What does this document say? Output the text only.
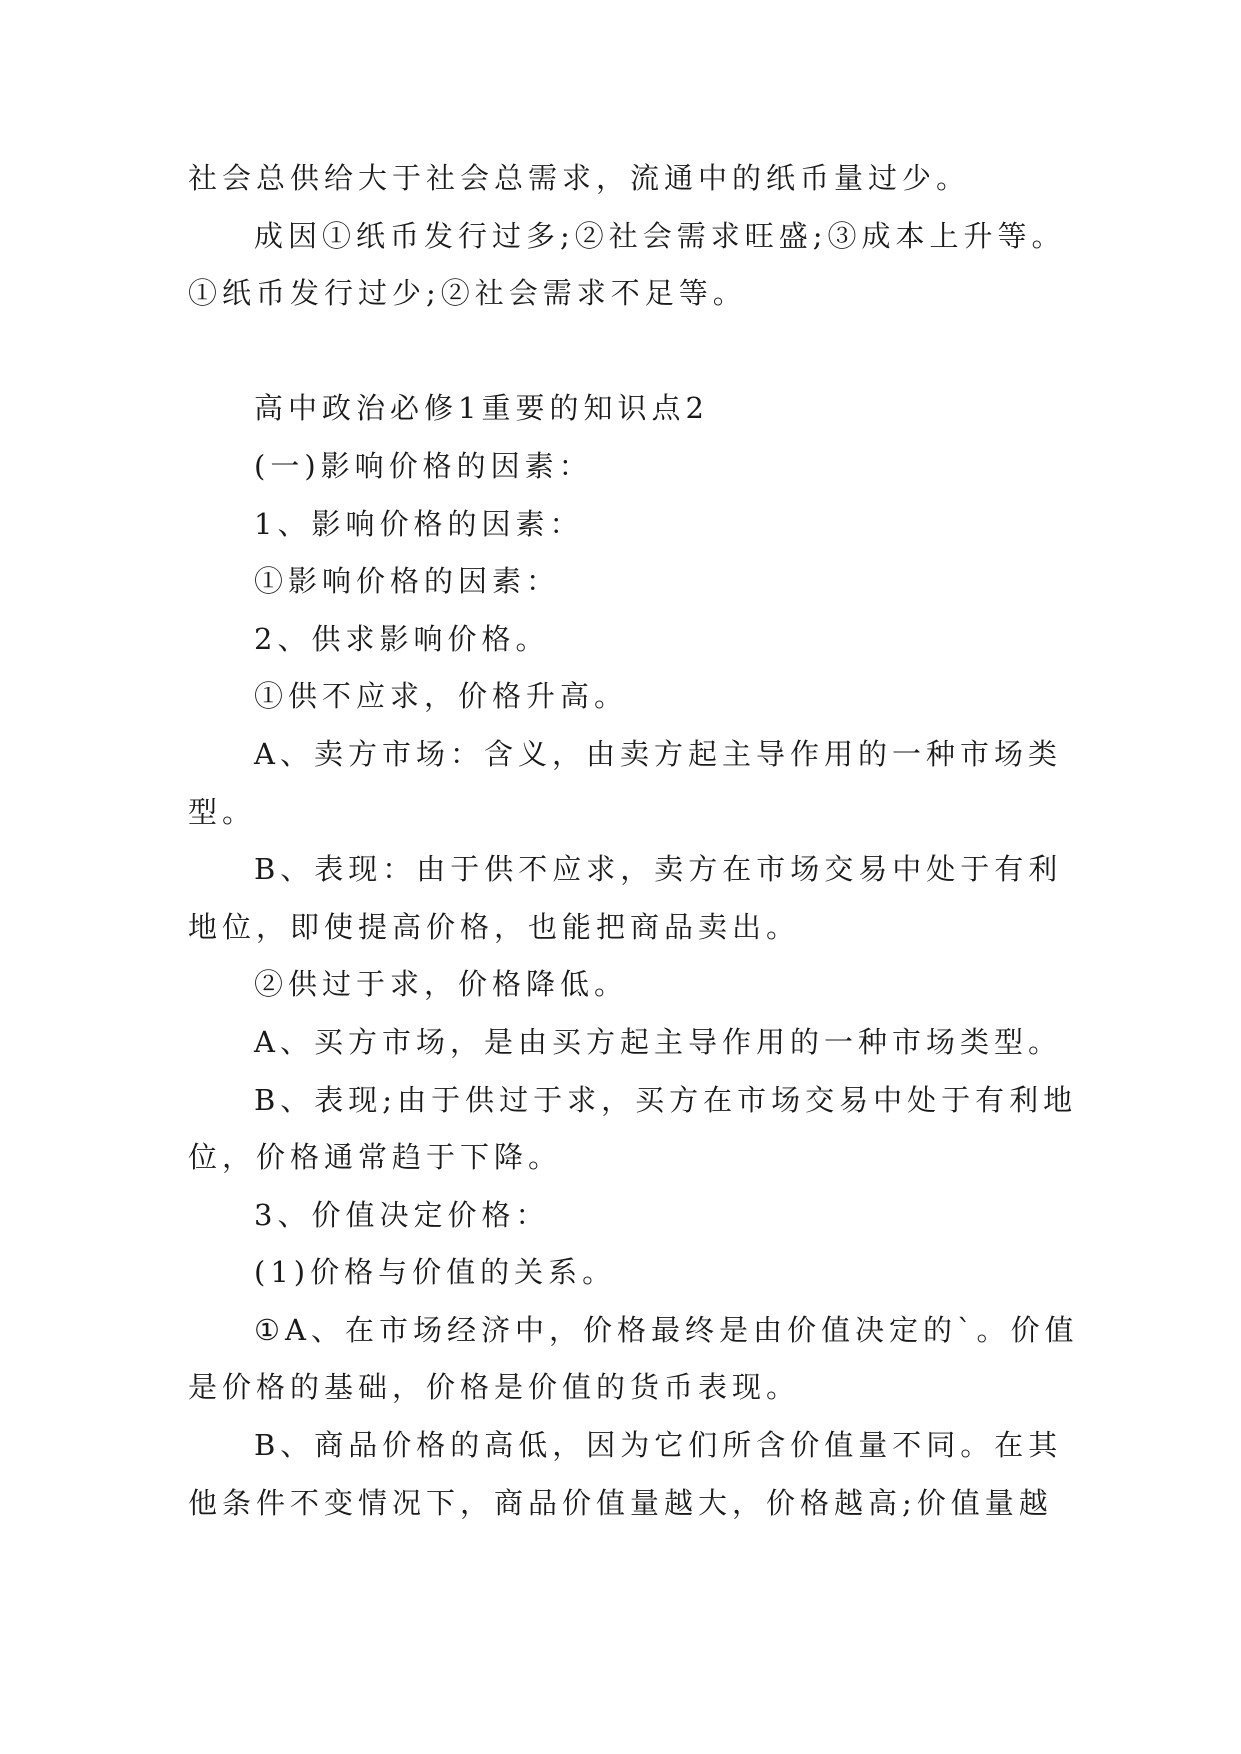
社会总供给大于社会总需求，流通中的纸币量过少。
成因①纸币发行过多;②社会需求旺盛;③成本上升等。
①纸币发行过少;②社会需求不足等。
高中政治必修1重要的知识点2
(一)影响价格的因素：
1、影响价格的因素：
①影响价格的因素：
2、供求影响价格。
①供不应求，价格升高。
A、卖方市场：含义，由卖方起主导作用的一种市场类
型。
B、表现：由于供不应求，卖方在市场交易中处于有利
地位，即使提高价格，也能把商品卖出。
②供过于求，价格降低。
A、买方市场，是由买方起主导作用的一种市场类型。
B、表现;由于供过于求，买方在市场交易中处于有利地
位，价格通常趋于下降。
3、价值决定价格：
(1)价格与价值的关系。
①A、在市场经济中，价格最终是由价值决定的`。价值
是价格的基础，价格是价值的货币表现。
B、商品价格的高低，因为它们所含价值量不同。在其
他条件不变情况下，商品价值量越大，价格越高;价值量越
